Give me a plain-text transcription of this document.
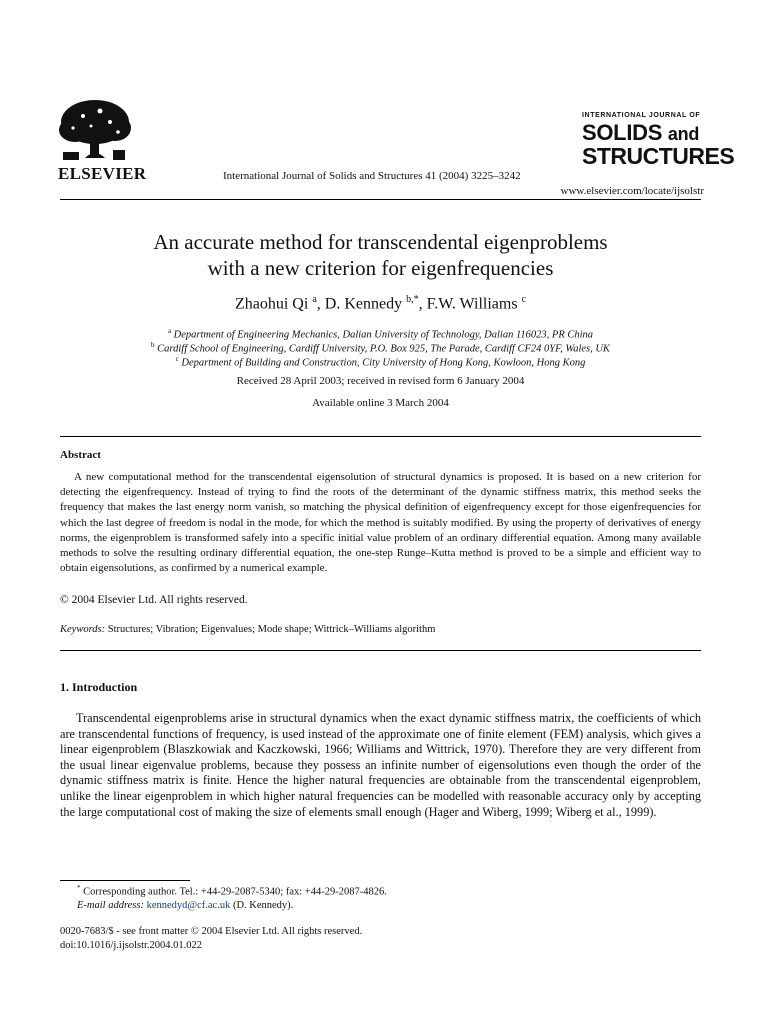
ELSEVIER	International Journal of Solids and Structures 41 (2004) 3225–3242
INTERNATIONAL JOURNAL OF
SOLIDS and
STRUCTURES
www.elsevier.com/locate/ijsolstr
An accurate method for transcendental eigenproblems
with a new criterion for eigenfrequencies
Zhaohui Qi $^a$, D. Kennedy $^{b,*}$, F.W. Williams $^c$
$^a$ Department of Engineering Mechanics, Dalian University of Technology, Dalian 116023, PR China
$^b$ Cardiff School of Engineering, Cardiff University, P.O. Box 925, The Parade, Cardiff CF24 0YF, Wales, UK
$^c$ Department of Building and Construction, City University of Hong Kong, Kowloon, Hong Kong
Received 28 April 2003; received in revised form 6 January 2004
Available online 3 March 2004
Abstract
A new computational method for the transcendental eigensolution of structural dynamics is proposed. It is based on a new criterion for detecting the eigenfrequency. Instead of trying to find the roots of the determinant of the dynamic stiffness matrix, this method seeks the frequency that makes the last energy norm vanish, so matching the physical definition of eigenfrequency except for those eigenfrequencies for which the last degree of freedom is nodal in the mode, for which the method is suitably modified. By using the property of derivatives of energy norms, the eigenproblem is transformed safely into a specific initial value problem of an ordinary differential equation. Among many available methods to solve the resulting ordinary differential equation, the one-step Runge–Kutta method is proved to be a simple and efficient way to obtain eigensolutions, as confirmed by a numerical example.
© 2004 Elsevier Ltd. All rights reserved.
Keywords: Structures; Vibration; Eigenvalues; Mode shape; Wittrick–Williams algorithm
1. Introduction
Transcendental eigenproblems arise in structural dynamics when the exact dynamic stiffness matrix, the coefficients of which are transcendental functions of frequency, is used instead of the approximate one of finite element (FEM) analysis, which gives a linear eigenproblem (Blaszkowiak and Kaczkowski, 1966; Williams and Wittrick, 1970). Therefore they are very different from the usual linear eigenvalue problems, because they possess an infinite number of eigensolutions even though the order of the dynamic stiffness matrix is finite. Hence the higher natural frequencies are obtainable from the transcendental eigenproblem, unlike the linear eigenproblem in which higher natural frequencies can be modelled with reasonable accuracy only by accepting the large computational cost of making the size of elements small enough (Hager and Wiberg, 1999; Wiberg et al., 1999).
* Corresponding author. Tel.: +44-29-2087-5340; fax: +44-29-2087-4826.
E-mail address: kennedyd@cf.ac.uk (D. Kennedy).
0020-7683/$ - see front matter © 2004 Elsevier Ltd. All rights reserved.
doi:10.1016/j.ijsolstr.2004.01.022
